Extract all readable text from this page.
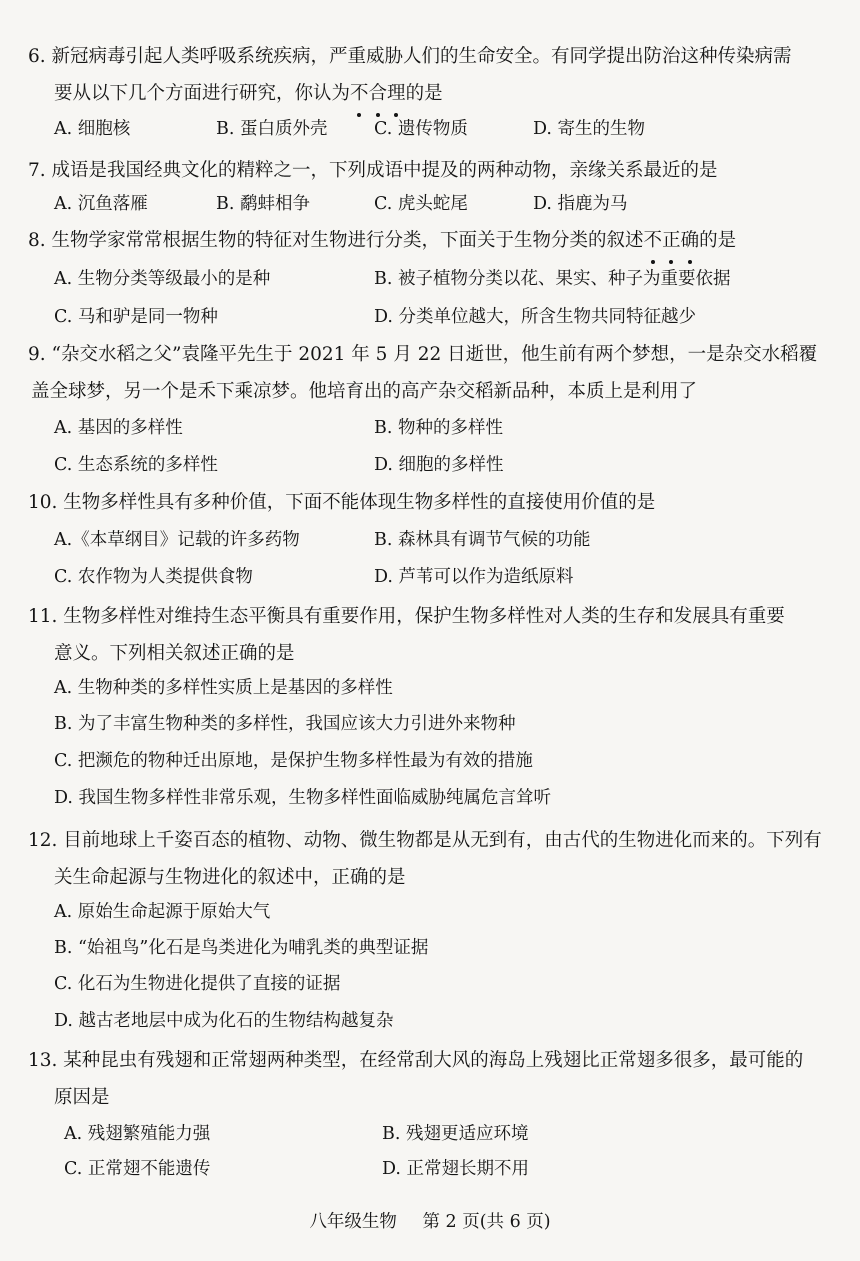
6. 新冠病毒引起人类呼吸系统疾病，严重威胁人们的生命安全。有同学提出防治这种传染病需
要从以下几个方面进行研究，你认为不合理的是
A. 细胞核	B. 蛋白质外壳	C. 遗传物质	D. 寄生的生物
7. 成语是我国经典文化的精粹之一，下列成语中提及的两种动物，亲缘关系最近的是
A. 沉鱼落雁	B. 鹬蚌相争	C. 虎头蛇尾	D. 指鹿为马
8. 生物学家常常根据生物的特征对生物进行分类，下面关于生物分类的叙述不正确的是
A. 生物分类等级最小的是种	B. 被子植物分类以花、果实、种子为重要依据
C. 马和驴是同一物种	D. 分类单位越大，所含生物共同特征越少
9. “杂交水稻之父”袁隆平先生于 2021 年 5 月 22 日逝世，他生前有两个梦想，一是杂交水稻覆
盖全球梦，另一个是禾下乘凉梦。他培育出的高产杂交稻新品种，本质上是利用了
A. 基因的多样性	B. 物种的多样性
C. 生态系统的多样性	D. 细胞的多样性
10. 生物多样性具有多种价值，下面不能体现生物多样性的直接使用价值的是
A.《本草纲目》记载的许多药物	B. 森林具有调节气候的功能
C. 农作物为人类提供食物	D. 芦苇可以作为造纸原料
11. 生物多样性对维持生态平衡具有重要作用，保护生物多样性对人类的生存和发展具有重要
意义。下列相关叙述正确的是
A. 生物种类的多样性实质上是基因的多样性
B. 为了丰富生物种类的多样性，我国应该大力引进外来物种
C. 把濒危的物种迁出原地，是保护生物多样性最为有效的措施
D. 我国生物多样性非常乐观，生物多样性面临威胁纯属危言耸听
12. 目前地球上千姿百态的植物、动物、微生物都是从无到有，由古代的生物进化而来的。下列有
关生命起源与生物进化的叙述中，正确的是
A. 原始生命起源于原始大气
B. “始祖鸟”化石是鸟类进化为哺乳类的典型证据
C. 化石为生物进化提供了直接的证据
D. 越古老地层中成为化石的生物结构越复杂
13. 某种昆虫有残翅和正常翅两种类型，在经常刮大风的海岛上残翅比正常翅多很多，最可能的
原因是
A. 残翅繁殖能力强	B. 残翅更适应环境
C. 正常翅不能遗传	D. 正常翅长期不用
八年级生物 第 2 页(共 6 页)
